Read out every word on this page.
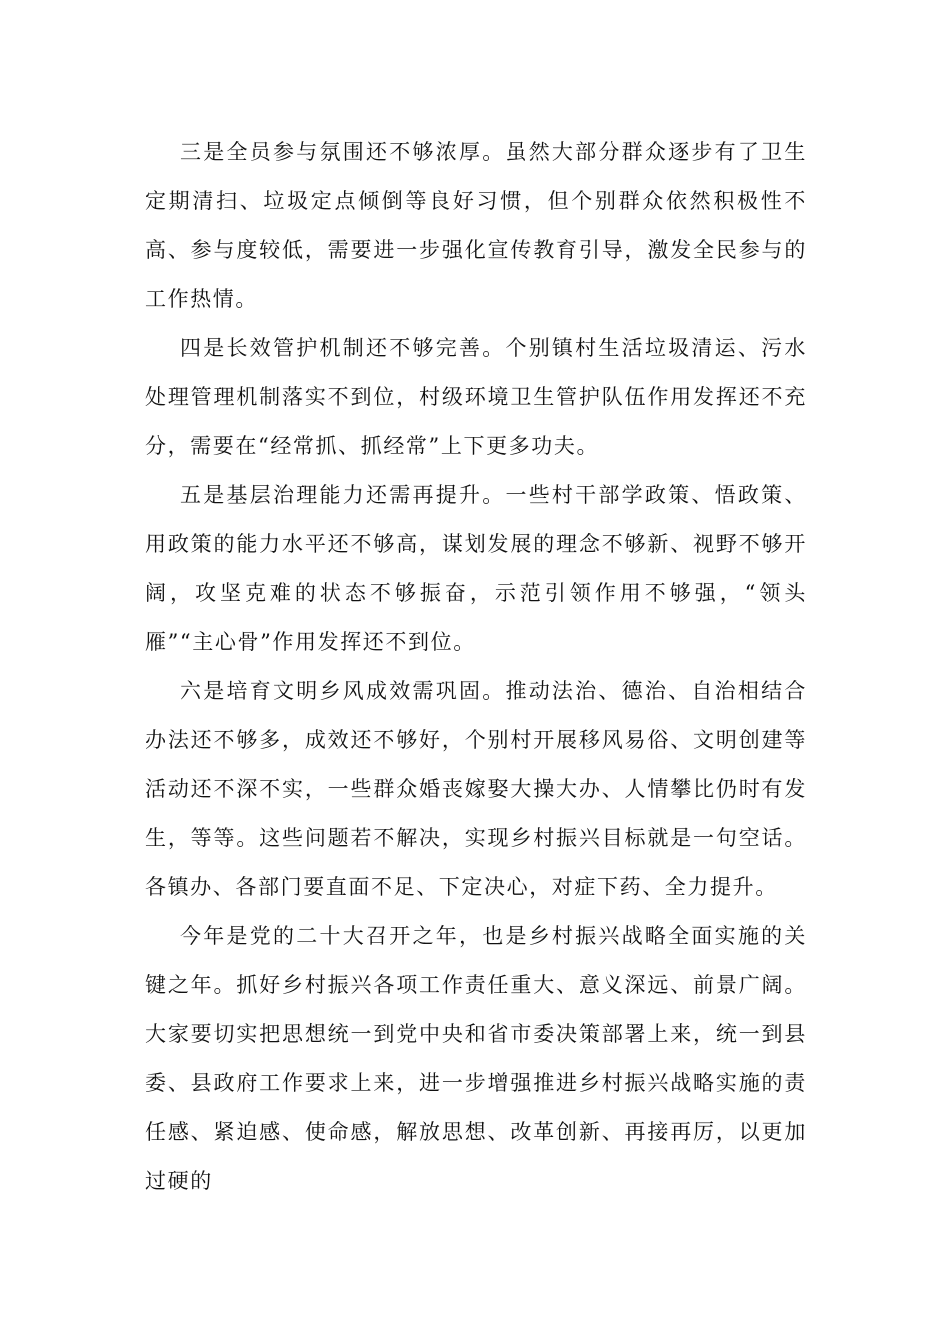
三是全员参与氛围还不够浓厚。虽然大部分群众逐步有了卫生定期清扫、垃圾定点倾倒等良好习惯，但个别群众依然积极性不高、参与度较低，需要进一步强化宣传教育引导，激发全民参与的工作热情。

四是长效管护机制还不够完善。个别镇村生活垃圾清运、污水处理管理机制落实不到位，村级环境卫生管护队伍作用发挥还不充分，需要在“经常抓、抓经常”上下更多功夫。

五是基层治理能力还需再提升。一些村干部学政策、悟政策、用政策的能力水平还不够高，谋划发展的理念不够新、视野不够开阔，攻坚克难的状态不够振奋，示范引领作用不够强，“领头雁”“主心骨”作用发挥还不到位。

六是培育文明乡风成效需巩固。推动法治、德治、自治相结合办法还不够多，成效还不够好，个别村开展移风易俗、文明创建等活动还不深不实，一些群众婚丧嫁娶大操大办、人情攀比仍时有发生，等等。这些问题若不解决，实现乡村振兴目标就是一句空话。各镇办、各部门要直面不足、下定决心，对症下药、全力提升。

今年是党的二十大召开之年，也是乡村振兴战略全面实施的关键之年。抓好乡村振兴各项工作责任重大、意义深远、前景广阔。大家要切实把思想统一到党中央和省市委决策部署上来，统一到县委、县政府工作要求上来，进一步增强推进乡村振兴战略实施的责任感、紧迫感、使命感，解放思想、改革创新、再接再厉，以更加过硬的
